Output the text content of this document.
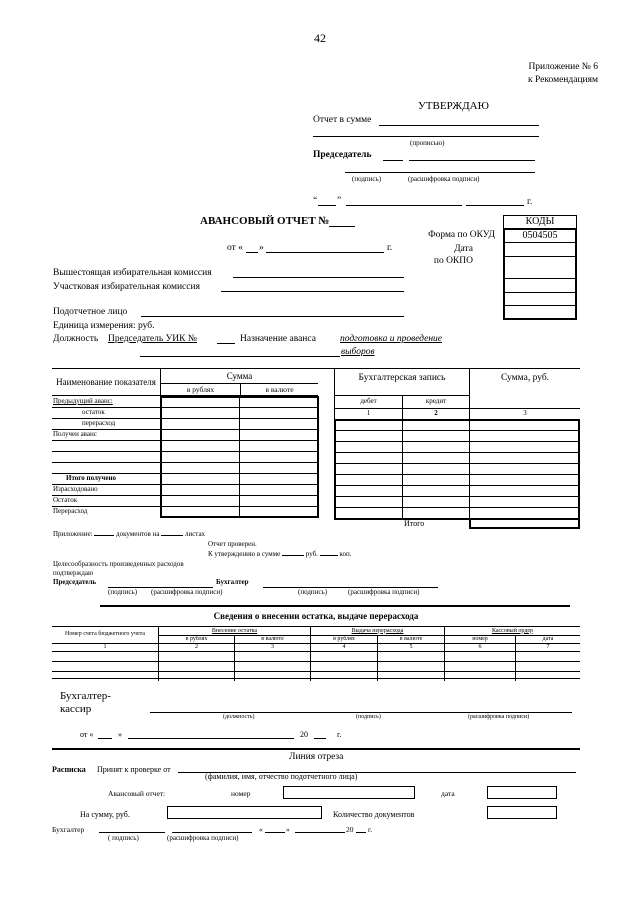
42
Приложение № 6
к Рекомендациям
УТВЕРЖДАЮ
Отчет в сумме
(прописью)
Председатель
(подпись)	(расшифровка подписи)
“ ”	г.
АВАНСОВЫЙ ОТЧЕТ №	КОДЫ
0504505
Форма по ОКУД
Дата
по ОКПО
от « »	г.
Вышестоящая избирательная комиссия
Участковая избирательная комиссия
Подотчетное лицо
Единица измерения: руб.
Должность Председатель УИК №	Назначение аванса	подготовка и проведение
выборов
Наименование показателя	Сумма	
	в рублях	в валюте
Предыдущий аванс:
остаток
перерасход
Получен аванс
Итого получено
Израсходовано
Остаток
Перерасход
Бухгалтерская запись	Сумма, руб.
дебет	кредит
1	2	3
Итого
Приложение:	документов на	листах
Отчет проверен.
К утверждению в сумме	руб.	коп.
Целесообразность произведенных расходов
подтверждаю
Председатель	Бухгалтер
(подпись) (расшифровка подписи)	(подпись)	(расшифровка подписи)
Сведения о внесении остатка, выдаче перерасхода
Номер счета бюджетного учета	Внесение остатка		Выдача перерасхода		Кассовый ордер	
	в рублях	в валюте	в рублях	в валюте	номер	дата
1	2	3	4	5	6	7

Бухгалтер-
кассир
(должность)	(подпись)	(расшифровка подписи)
от «	»	20	г.
Линия отреза
Расписка Принят к проверке от
(фамилия, имя, отчество подотчетного лица)
Авансовый отчет:	номер	дата
На сумму, руб.	Количество документов
Бухгалтер	«	»	20 г.
( подпись)	(расшифровка подписи)
